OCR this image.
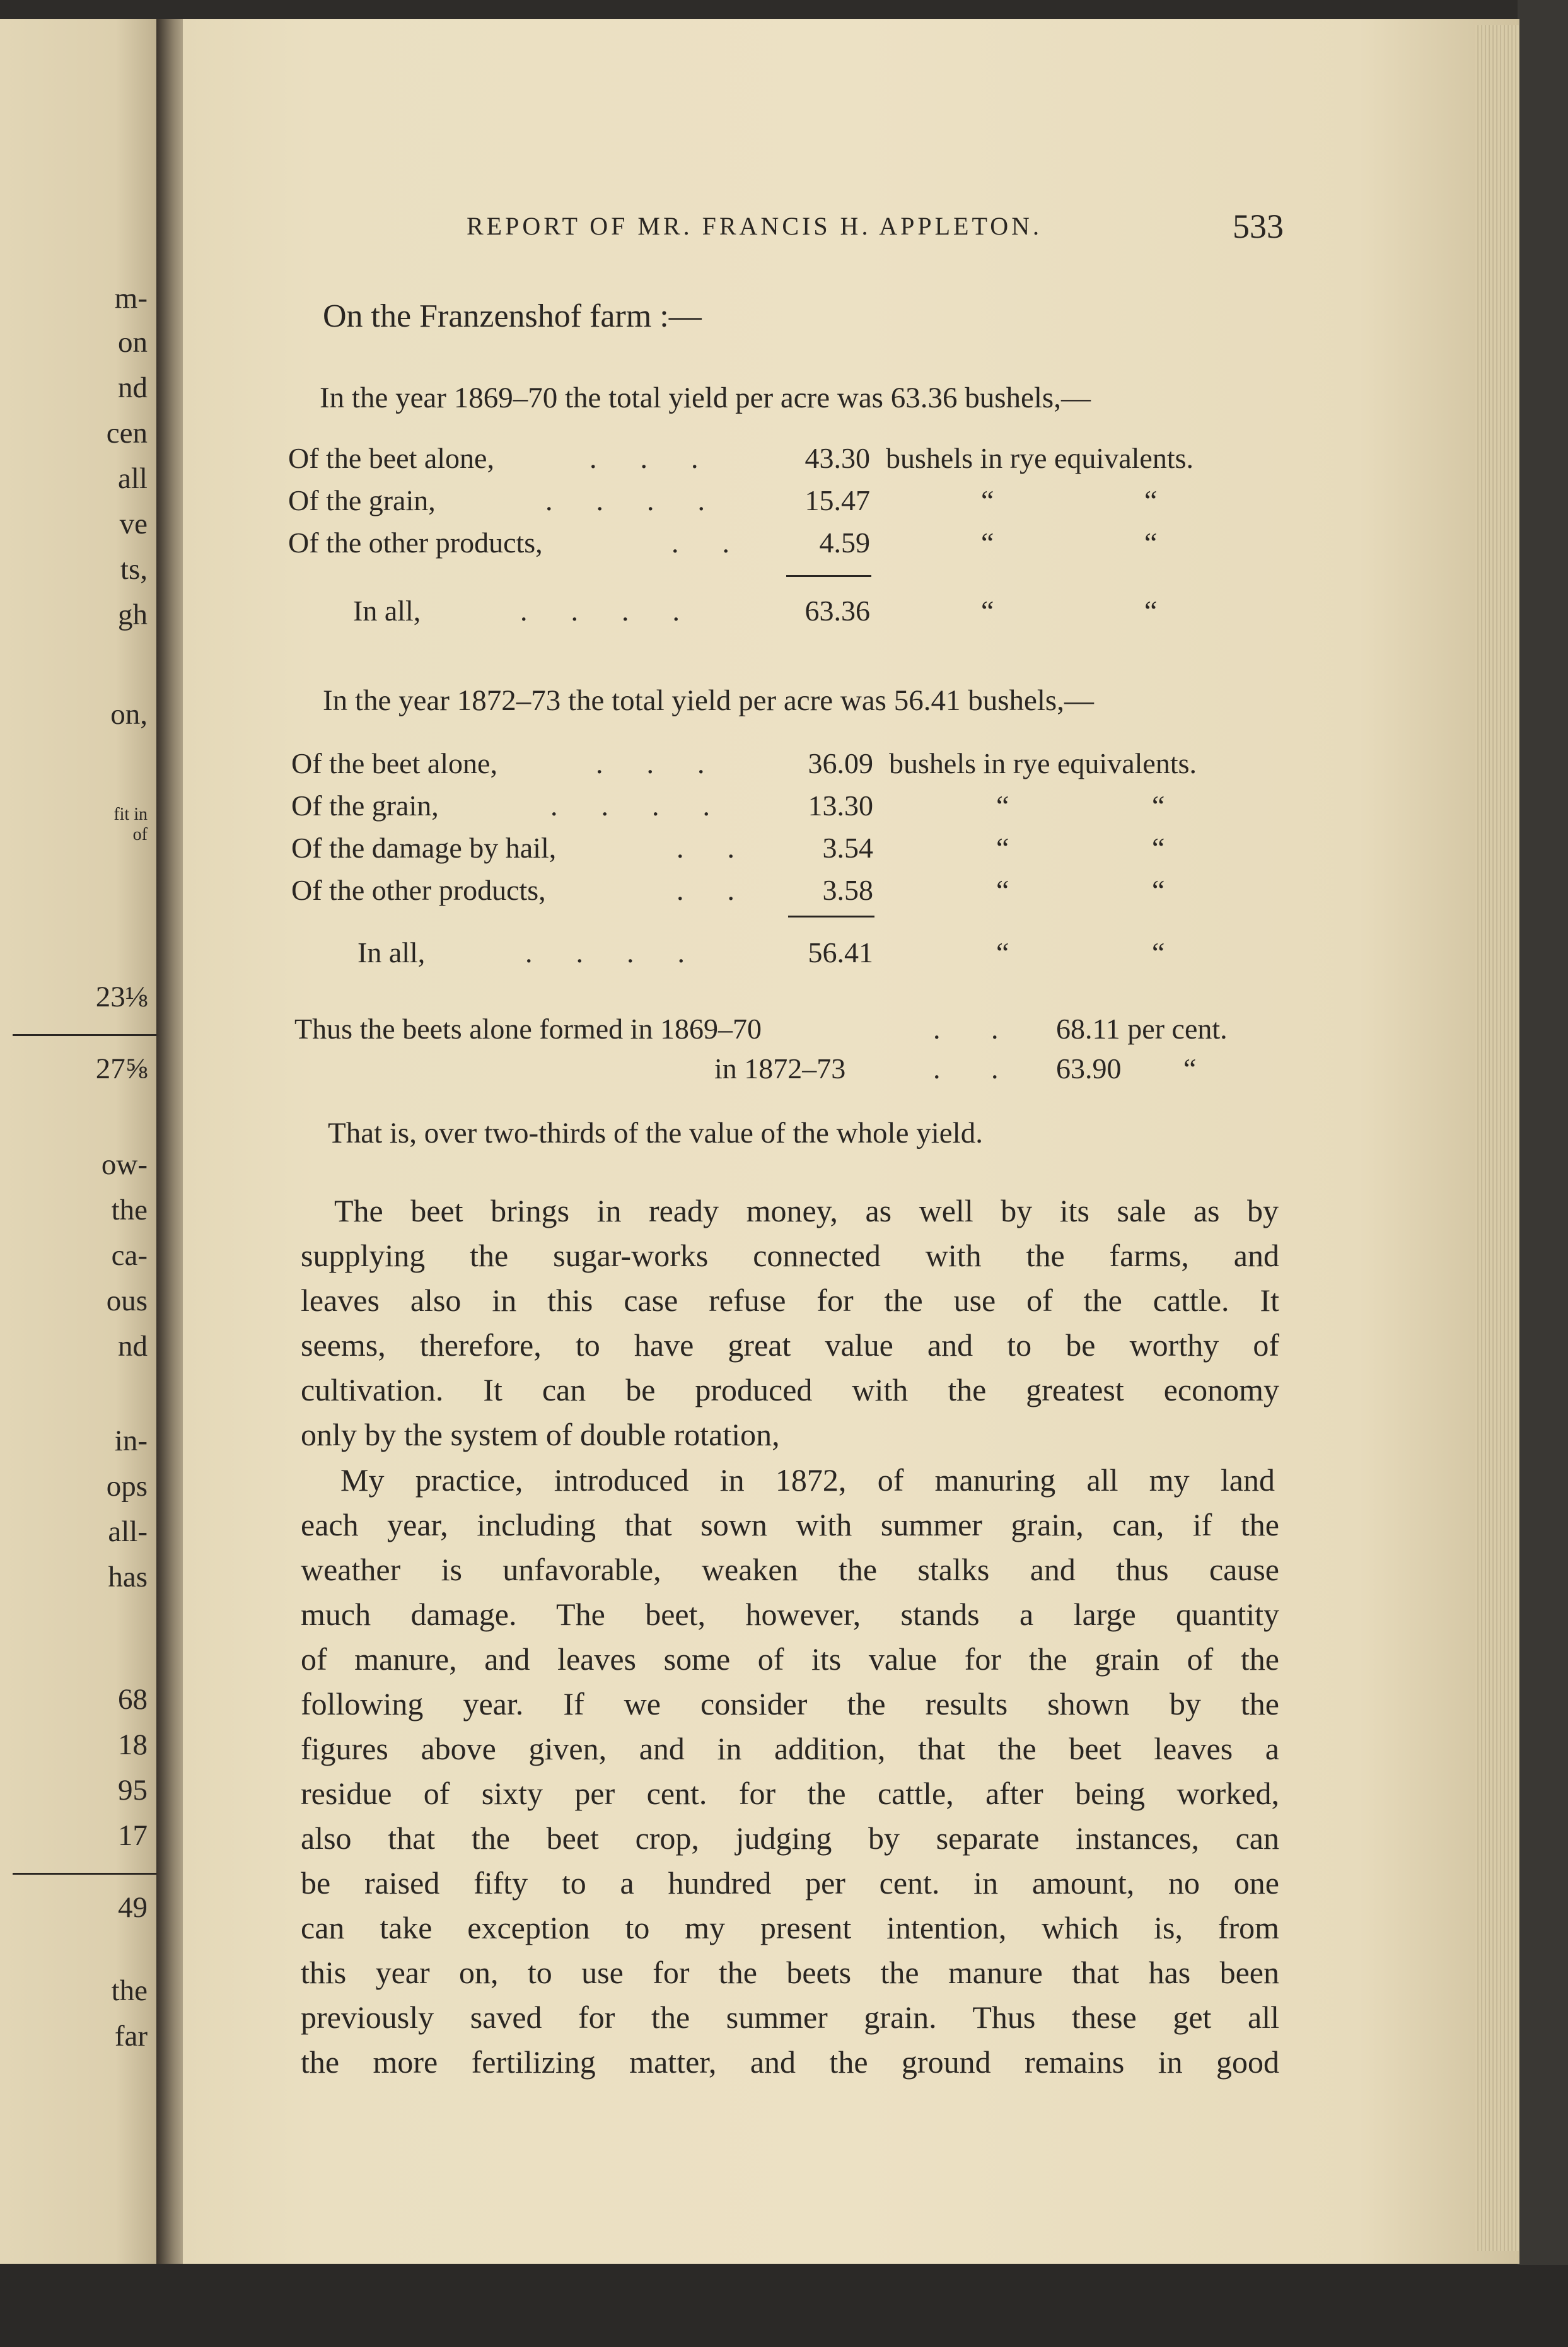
m-
on
nd
cen
all
ve
ts,
gh
on,
fit in
of
23⅛
27⅝
ow-
the
ca-
ous
nd
in-
ops
all-
has
68
18
95
17
49
the
far
REPORT OF MR. FRANCIS H. APPLETON.	533
On the Franzenshof farm :—
In the year 1869–70 the total yield per acre was 63.36 bushels,—
Of the beet alone,	.      .      .	43.30 bushels in rye equivalents.
Of the grain,	.      .      .      .	15.47	“	“
Of the other products,	.      .	4.59	“	“
In all,	.      .      .      .	63.36	“	“
In the year 1872–73 the total yield per acre was 56.41 bushels,—
Of the beet alone,	.      .      .	36.09 bushels in rye equivalents.
Of the grain,	.      .      .      .	13.30	“	“
Of the damage by hail,	.      .	3.54	“	“
Of the other products,	.      .	3.58	“	“
In all,	.      .      .      .	56.41	“	“
Thus the beets alone formed in 1869–70	.       . 68.11 per cent.
in 1872–73	.       . 63.90 “
That is, over two-thirds of the value of the whole yield.
The beet brings in ready money, as well by its sale as by
supplying the sugar-works connected with the farms, and
leaves also in this case refuse for the use of the cattle. It
seems, therefore, to have great value and to be worthy of
cultivation. It can be produced with the greatest economy
only by the system of double rotation,
My practice, introduced in 1872, of manuring all my land
each year, including that sown with summer grain, can, if the
weather is unfavorable, weaken the stalks and thus cause
much damage. The beet, however, stands a large quantity
of manure, and leaves some of its value for the grain of the
following year. If we consider the results shown by the
figures above given, and in addition, that the beet leaves a
residue of sixty per cent. for the cattle, after being worked,
also that the beet crop, judging by separate instances, can
be raised fifty to a hundred per cent. in amount, no one
can take exception to my present intention, which is, from
this year on, to use for the beets the manure that has been
previously saved for the summer grain. Thus these get all
the more fertilizing matter, and the ground remains in good
